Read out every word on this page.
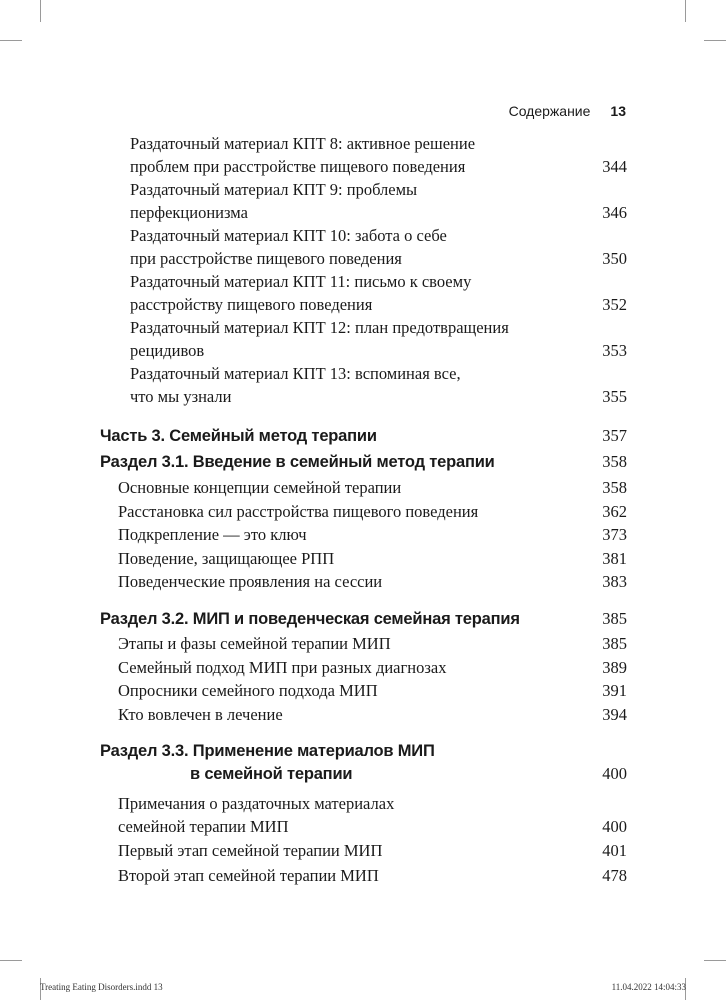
Содержание 13
Раздаточный материал КПТ 8: активное решение
проблем при расстройстве пищевого поведения	344
Раздаточный материал КПТ 9: проблемы
перфекционизма	346
Раздаточный материал КПТ 10: забота о себе
при расстройстве пищевого поведения	350
Раздаточный материал КПТ 11: письмо к своему
расстройству пищевого поведения	352
Раздаточный материал КПТ 12: план предотвращения
рецидивов	353
Раздаточный материал КПТ 13: вспоминая все,
что мы узнали	355
Часть 3. Семейный метод терапии	357
Раздел 3.1. Введение в семейный метод терапии	358
Основные концепции семейной терапии	358
Расстановка сил расстройства пищевого поведения	362
Подкрепление — это ключ	373
Поведение, защищающее РПП	381
Поведенческие проявления на сессии	383
Раздел 3.2. МИП и поведенческая семейная терапия	385
Этапы и фазы семейной терапии МИП	385
Семейный подход МИП при разных диагнозах	389
Опросники семейного подхода МИП	391
Кто вовлечен в лечение	394
Раздел 3.3. Применение материалов МИП
в семейной терапии	400
Примечания о раздаточных материалах
семейной терапии МИП	400
Первый этап семейной терапии МИП	401
Второй этап семейной терапии МИП	478
Treating Eating Disorders.indd 13	11.04.2022 14:04:33
